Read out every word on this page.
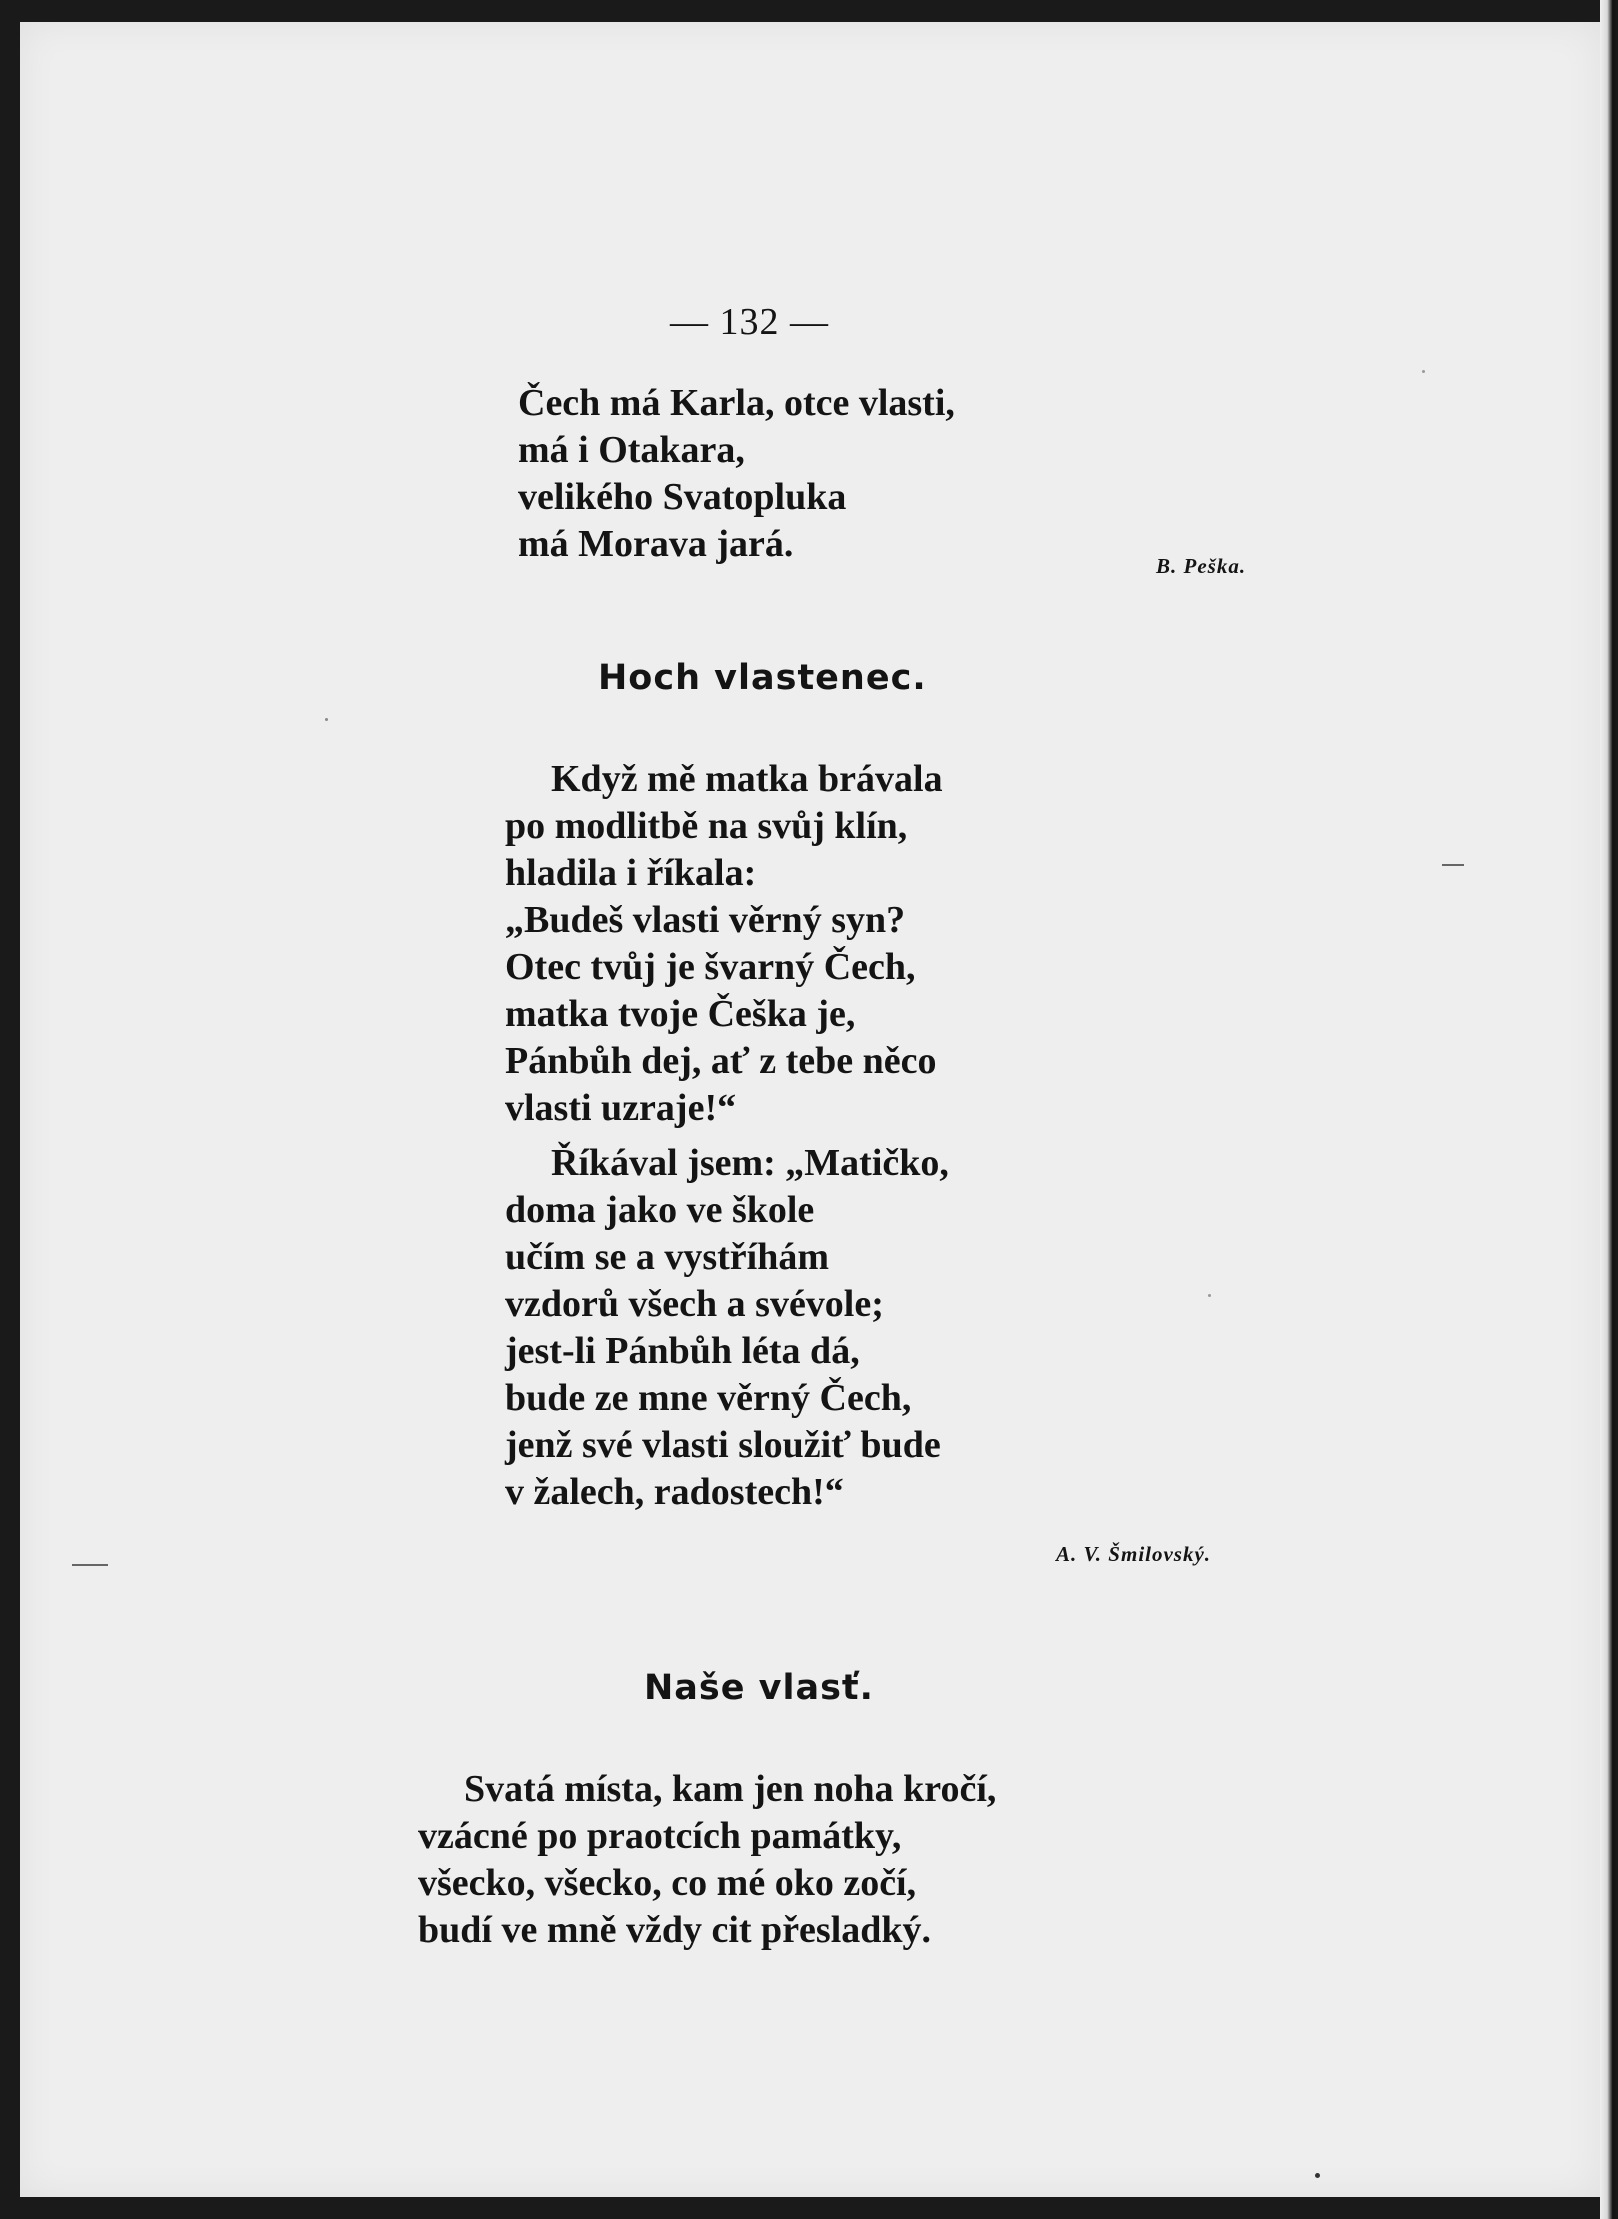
— 132 —
Čech má Karla, otce vlasti,
má i Otakara,
velikého Svatopluka
má Morava jará.
B. Peška.
Hoch vlastenec.
Když mě matka brávala
po modlitbě na svůj klín,
hladila i říkala:
„Budeš vlasti věrný syn?
Otec tvůj je švarný Čech,
matka tvoje Češka je,
Pánbůh dej, ať z tebe něco
vlasti uzraje!“
Říkával jsem: „Matičko,
doma jako ve škole
učím se a vystříhám
vzdorů všech a svévole;
jest-li Pánbůh léta dá,
bude ze mne věrný Čech,
jenž své vlasti sloužiť bude
v žalech, radostech!“
A. V. Šmilovský.
Naše vlasť.
Svatá místa, kam jen noha kročí,
vzácné po praotcích památky,
všecko, všecko, co mé oko zočí,
budí ve mně vždy cit přesladký.
